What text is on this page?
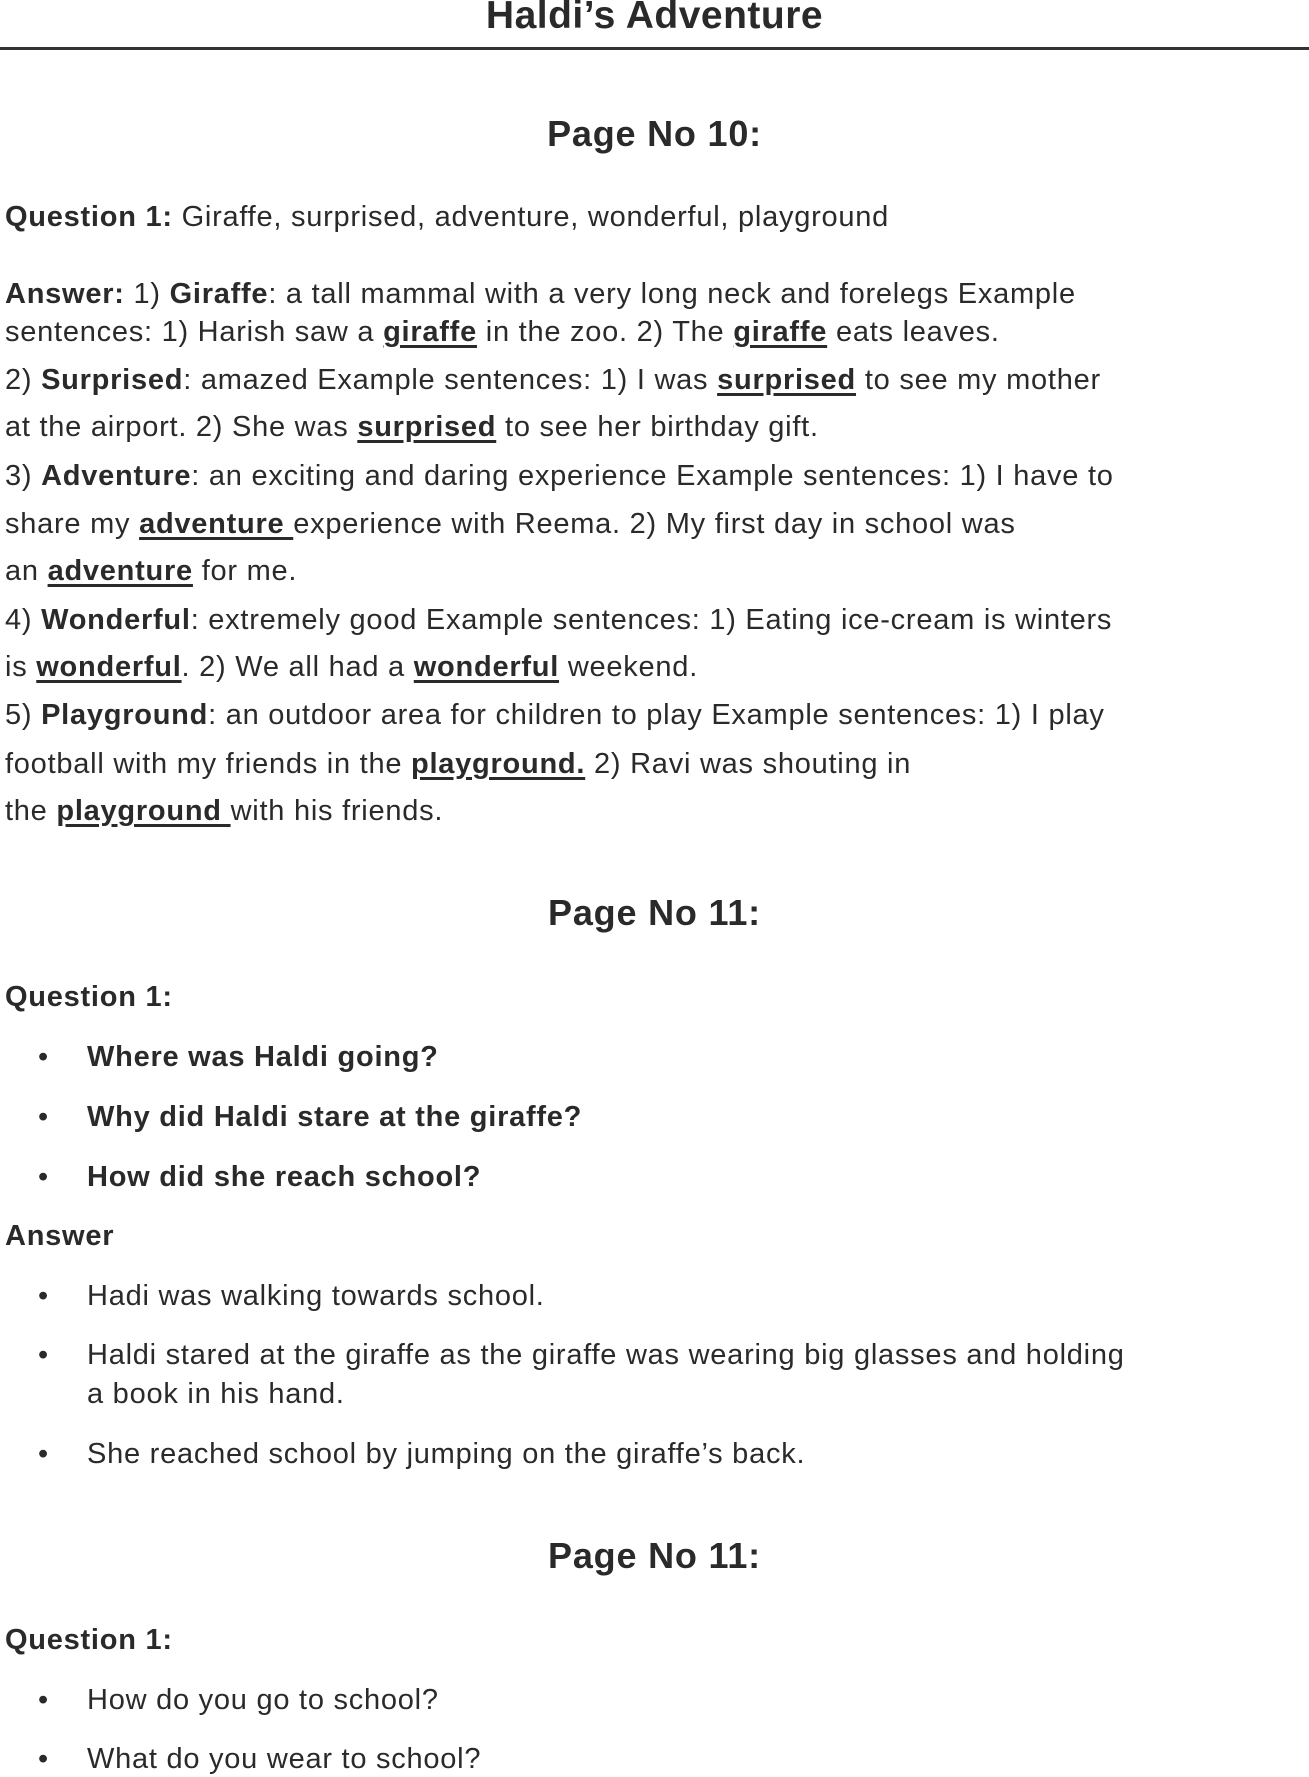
Haldi’s Adventure
Page No 10:
Question 1: Giraffe, surprised, adventure, wonderful, playground
Answer: 1) Giraffe: a tall mammal with a very long neck and forelegs Example
sentences: 1) Harish saw a giraffe in the zoo. 2) The giraffe eats leaves.
2) Surprised: amazed Example sentences: 1) I was surprised to see my mother
at the airport. 2) She was surprised to see her birthday gift.
3) Adventure: an exciting and daring experience Example sentences: 1) I have to
share my adventure experience with Reema. 2) My first day in school was
an adventure for me.
4) Wonderful: extremely good Example sentences: 1) Eating ice-cream is winters
is wonderful. 2) We all had a wonderful weekend.
5) Playground: an outdoor area for children to play Example sentences: 1) I play
football with my friends in the playground. 2) Ravi was shouting in
the playground with his friends.
Page No 11:
Question 1:
• Where was Haldi going?
• Why did Haldi stare at the giraffe?
• How did she reach school?
Answer
• Hadi was walking towards school.
• Haldi stared at the giraffe as the giraffe was wearing big glasses and holding
a book in his hand.
• She reached school by jumping on the giraffe’s back.
Page No 11:
Question 1:
• How do you go to school?
• What do you wear to school?
